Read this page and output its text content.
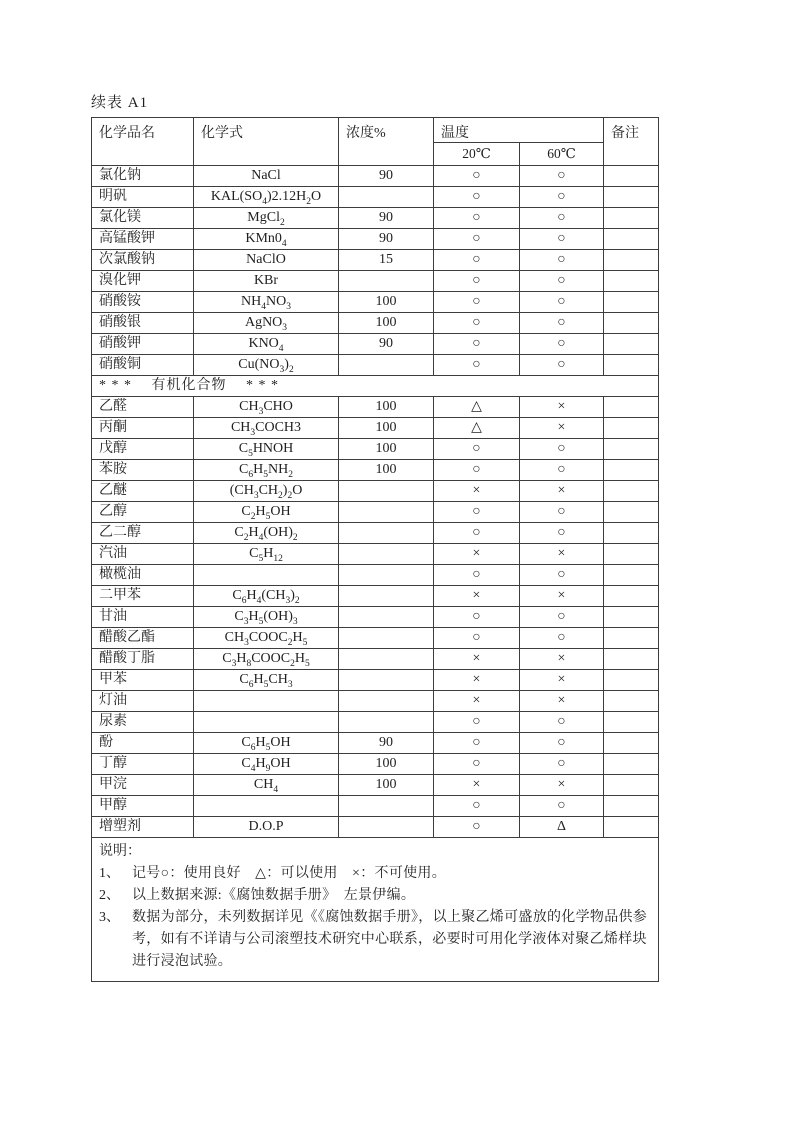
续表 A1
化学品名	化学式	浓度%	温度		备注
			20℃	60℃	
氯化钠	NaCl	90	○	○	
明矾	$KAL(SO_4)2.12H_2O$		○	○	
氯化镁	MgCl$_2$	90	○	○	
高锰酸钾	$KMn0_4$	90	○	○	
次氯酸钠	NaClO	15	○	○	
溴化钾	KBr		○	○	
硝酸铵	$NH_4NO_3$	100	○	○	
硝酸银	AgNO$_3$	100	○	○	
硝酸钾	$KNO_4$	90	○	○	
硝酸铜	$Cu(NO_3)_2$		○	○	
* * *　 有机化合物　 * * *					
乙醛	$CH_3CHO$	100	△	×	
丙酮	$CH_3COCH3$	100	△	×	
戊醇	$C_5HNOH$	100	○	○	
苯胺	$C_6H_5NH_2$	100	○	○	
乙醚	$(CH_3CH_2)_2O$		×	×	
乙醇	$C_2H_5OH$		○	○	
乙二醇	$C_2H_4(OH)_2$		○	○	
汽油	$C_5H_{12}$		×	×	
橄榄油			○	○	
二甲苯	$C_6H_4(CH_3)_2$		×	×	
甘油	$C_3H_5(OH)_3$		○	○	
醋酸乙酯	$CH_3COOC_2H_5$		○	○	
醋酸丁脂	$C_3H_8COOC_2H_5$		×	×	
甲苯	$C_6H_5CH_3$		×	×	
灯油			×	×	
尿素			○	○	
酚	$C_6H_5OH$	90	○	○	
丁醇	$C_4H_9OH$	100	○	○	
甲浣	$CH_4$	100	×	×	
甲醇			○	○	
增塑剂	D.O.P		○	Δ	

说明：
1、 记号○：使用良好　△：可以使用　×：不可使用。
2、 以上数据来源:《腐蚀数据手册》　左景伊编。
3、 数据为部分，未列数据详见《《腐蚀数据手册》，以上聚乙烯可盛放的化学物品供参考，如有不详请与公司滚塑技术研究中心联系，必要时可用化学液体对聚乙烯样块进行浸泡试验。
